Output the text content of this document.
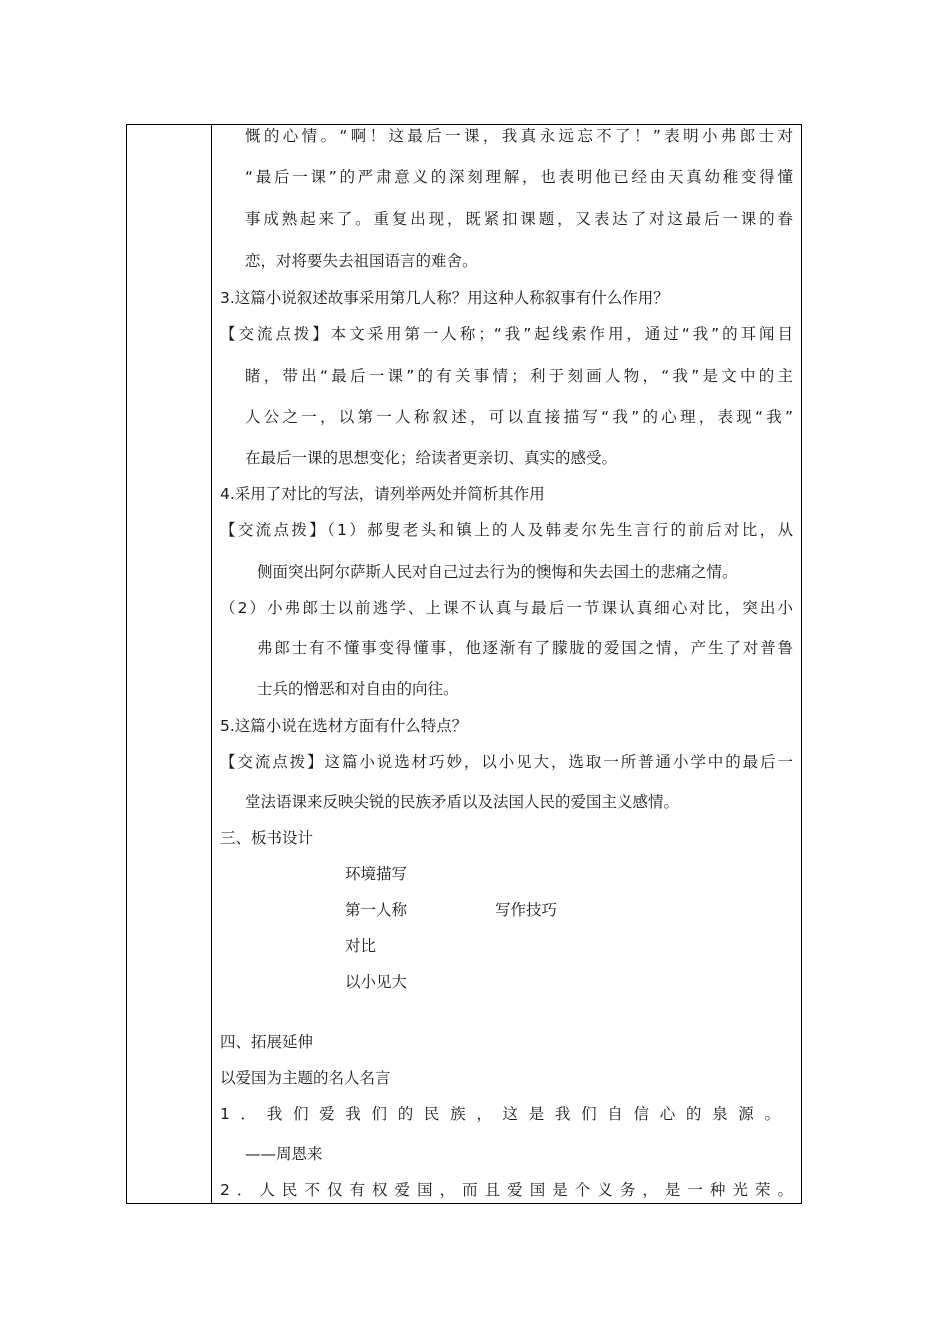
慨的心情。“啊！这最后一课，我真永远忘不了！”表明小弗郎士对
“最后一课”的严肃意义的深刻理解，也表明他已经由天真幼稚变得懂
事成熟起来了。重复出现，既紧扣课题，又表达了对这最后一课的眷
恋，对将要失去祖国语言的难舍。
3.这篇小说叙述故事采用第几人称？用这种人称叙事有什么作用？
【交流点拨】本文采用第一人称；“我”起线索作用，通过“我”的耳闻目
睹，带出“最后一课”的有关事情；利于刻画人物，“我”是文中的主
人公之一，以第一人称叙述，可以直接描写“我”的心理，表现“我”
在最后一课的思想变化；给读者更亲切、真实的感受。
4.采用了对比的写法，请列举两处并简析其作用
【交流点拨】（1）郝叟老头和镇上的人及韩麦尔先生言行的前后对比，从
侧面突出阿尔萨斯人民对自己过去行为的懊悔和失去国土的悲痛之情。
（2）小弗郎士以前逃学、上课不认真与最后一节课认真细心对比，突出小
弗郎士有不懂事变得懂事，他逐渐有了朦胧的爱国之情，产生了对普鲁
士兵的憎恶和对自由的向往。
5.这篇小说在选材方面有什么特点？
【交流点拨】这篇小说选材巧妙，以小见大，选取一所普通小学中的最后一
堂法语课来反映尖锐的民族矛盾以及法国人民的爱国主义感情。
三、板书设计
环境描写
第一人称	写作技巧
对比
以小见大
四、拓展延伸
以爱国为主题的名人名言
1．我们爱我们的民族，这是我们自信心的泉源。
——周恩来
2．人民不仅有权爱国，而且爱国是个义务，是一种光荣。
